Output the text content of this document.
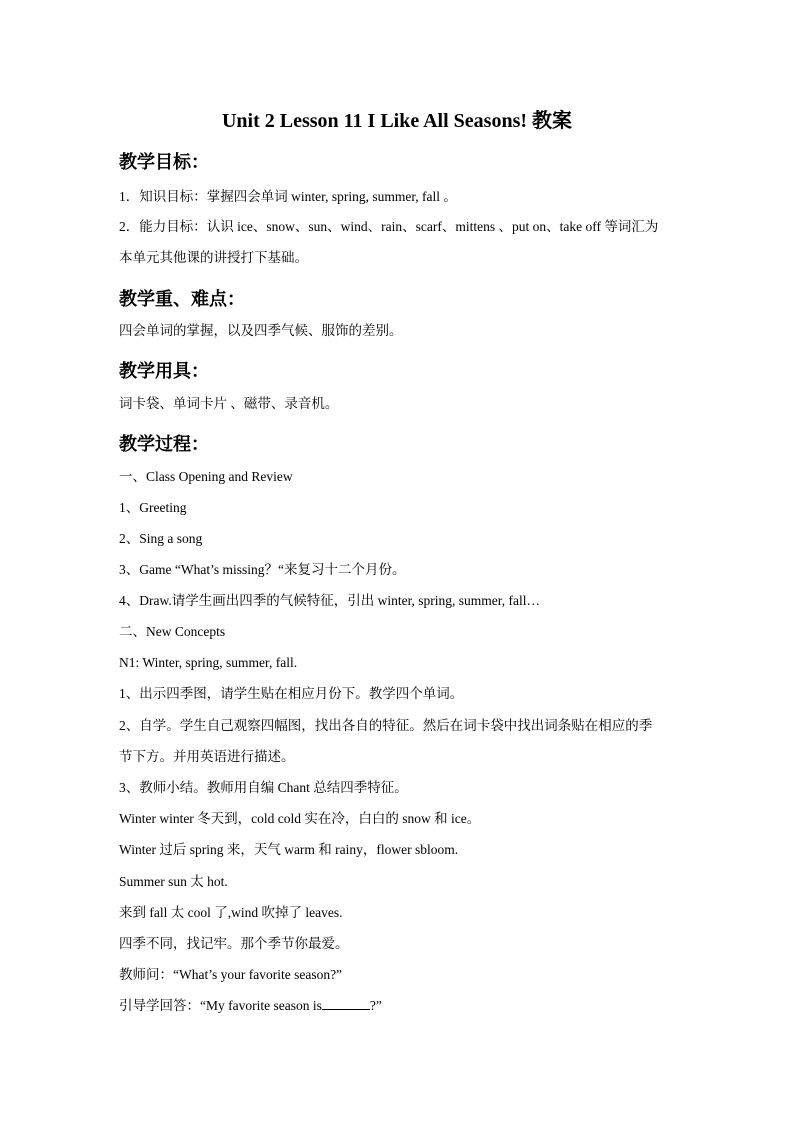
Unit 2 Lesson 11 I Like All Seasons! 教案
教学目标：

1．知识目标：掌握四会单词 winter, spring, summer, fall 。

2．能力目标：认识 ice、snow、sun、wind、rain、scarf、mittens 、put on、take off 等词汇为

本单元其他课的讲授打下基础。

教学重、难点：

四会单词的掌握，以及四季气候、服饰的差别。

教学用具：

词卡袋、单词卡片 、磁带、录音机。

教学过程：

一、Class Opening and Review

1、Greeting

2、Sing a song

3、Game “What’s missing？“来复习十二个月份。

4、Draw.请学生画出四季的气候特征，引出 winter, spring, summer, fall…

二、New Concepts

N1: Winter, spring, summer, fall.

1、出示四季图，请学生贴在相应月份下。教学四个单词。

2、自学。学生自己观察四幅图，找出各自的特征。然后在词卡袋中找出词条贴在相应的季

节下方。并用英语进行描述。

3、教师小结。教师用自编 Chant 总结四季特征。

Winter winter 冬天到，cold cold 实在冷，白白的 snow 和 ice。

Winter 过后 spring 来，天气 warm 和 rainy，flower sbloom.

Summer sun 太 hot.

来到 fall 太 cool 了,wind 吹掉了 leaves.

四季不同，找记牢。那个季节你最爱。

教师问：“What’s your favorite season?”

引导学回答：“My favorite season is	?”
